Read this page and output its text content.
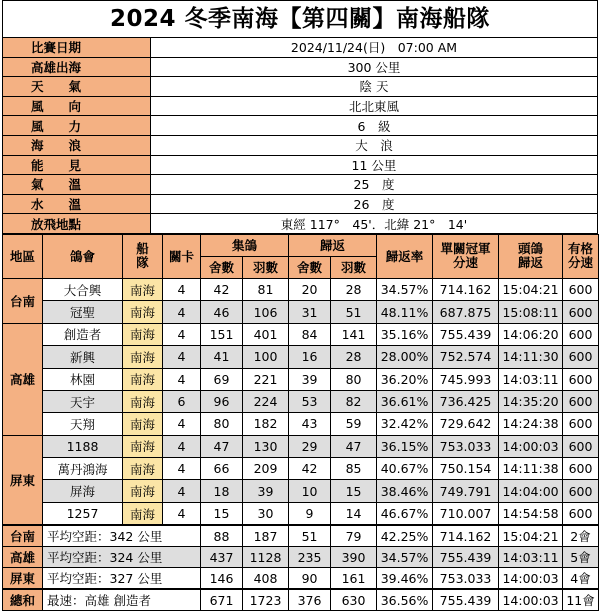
2024 冬季南海【第四關】南海船隊
比賽日期	2024/11/24(日)　07:00 AM
高雄出海	300 公里
天　　氣	陰 天
風　　向	北北東風
風　　力	6　級
海　　浪	大　浪
能　　見	11 公里
氣　　溫	25　度
水　　溫	26　度
放飛地點	東經 117°　45'．北緯 21°　14'
地區	鴿會	船隊	關卡	集鴿		歸返		歸返率	單關冠軍分速	頭鴿歸返	有格分速
				舍數	羽數	舍數	羽數				
台南	大合興	南海	4	42	81	20	28	34.57%	714.162	15:04:21	600
	冠聖	南海	4	46	106	31	51	48.11%	687.875	15:08:11	600
高雄	創造者	南海	4	151	401	84	141	35.16%	755.439	14:06:20	600
	新興	南海	4	41	100	16	28	28.00%	752.574	14:11:30	600
	林園	南海	4	69	221	39	80	36.20%	745.993	14:03:11	600
	天宇	南海	6	96	224	53	82	36.61%	736.425	14:35:20	600
	天翔	南海	4	80	182	43	59	32.42%	729.642	14:24:38	600
屏東	1188	南海	4	47	130	29	47	36.15%	753.033	14:00:03	600
	萬丹鴻海	南海	4	66	209	42	85	40.67%	750.154	14:11:38	600
	屏海	南海	4	18	39	10	15	38.46%	749.791	14:04:00	600
	1257	南海	4	15	30	9	14	46.67%	710.007	14:54:58	600
台南	平均空距：342 公里			88	187	51	79	42.25%	714.162	15:04:21	2會
高雄	平均空距：324 公里			437	1128	235	390	34.57%	755.439	14:03:11	5會
屏東	平均空距：327 公里			146	408	90	161	39.46%	753.033	14:00:03	4會
總和	最速：高雄 創造者			671	1723	376	630	36.56%	755.439	14:00:03	11會
